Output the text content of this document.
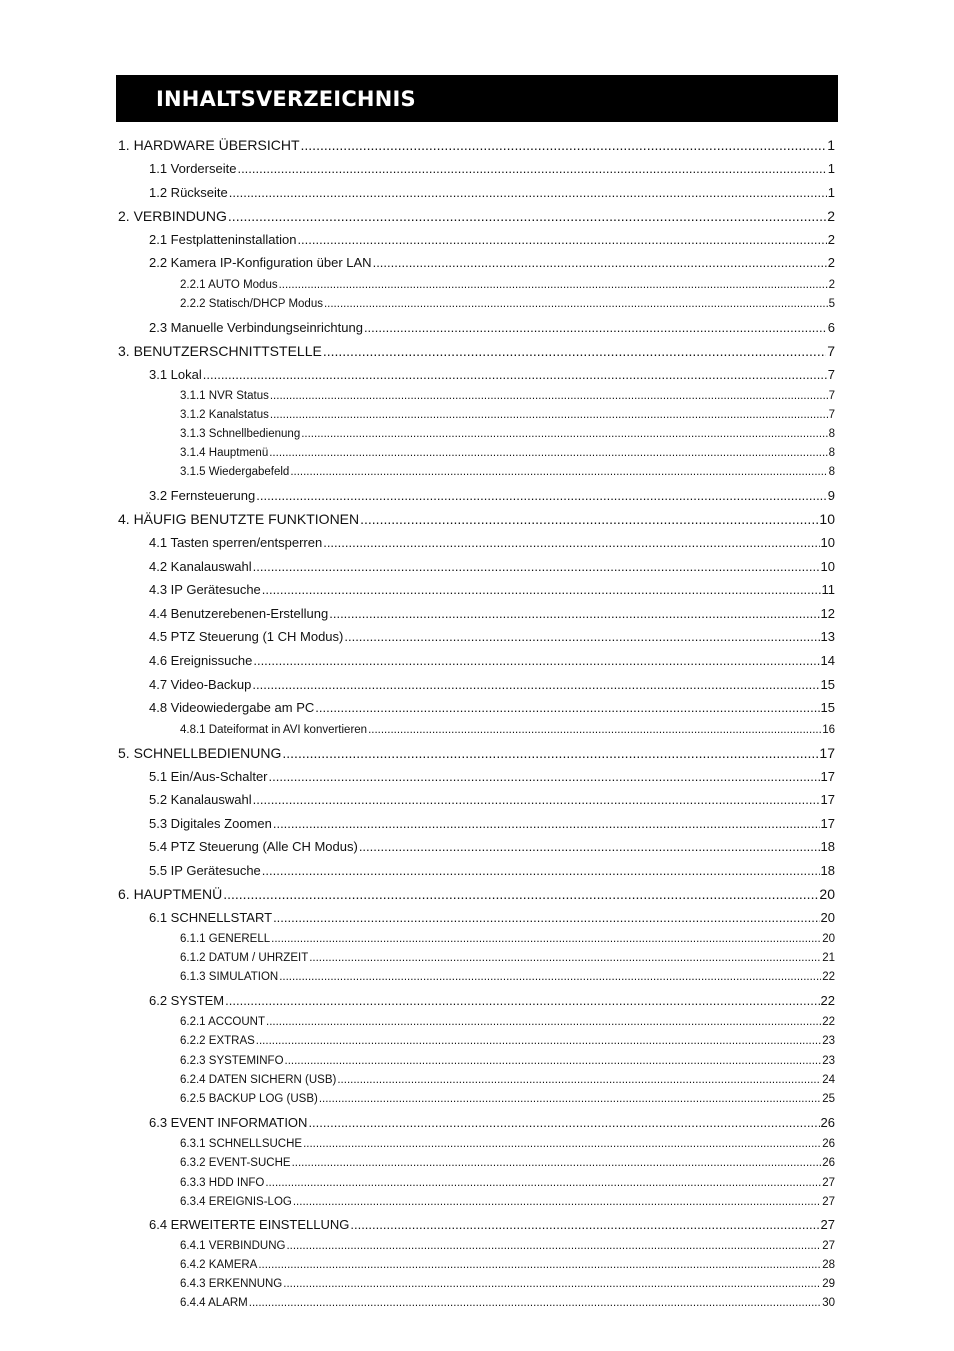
INHALTSVERZEICHNIS
1. HARDWARE ÜBERSICHT .....	1
1.1 Vorderseite .....	1
1.2 Rückseite .....	1
2. VERBINDUNG .....	2
2.1 Festplatteninstallation .....	2
2.2 Kamera IP-Konfiguration über LAN .....	2
2.2.1 AUTO Modus .....	2
2.2.2 Statisch/DHCP Modus .....	5
2.3 Manuelle Verbindungseinrichtung .....	6
3. BENUTZERSCHNITTSTELLE .....	7
3.1 Lokal .....	7
3.1.1 NVR Status .....	7
3.1.2 Kanalstatus .....	7
3.1.3 Schnellbedienung .....	8
3.1.4 Hauptmenü .....	8
3.1.5 Wiedergabefeld .....	8
3.2 Fernsteuerung .....	9
4. HÄUFIG BENUTZTE FUNKTIONEN .....	10
4.1 Tasten sperren/entsperren .....	10
4.2 Kanalauswahl .....	10
4.3 IP Gerätesuche .....	11
4.4 Benutzerebenen-Erstellung .....	12
4.5 PTZ Steuerung (1 CH Modus) .....	13
4.6 Ereignissuche .....	14
4.7 Video-Backup .....	15
4.8 Videowiedergabe am PC .....	15
4.8.1 Dateiformat in AVI konvertieren .....	16
5. SCHNELLBEDIENUNG .....	17
5.1 Ein/Aus-Schalter .....	17
5.2 Kanalauswahl .....	17
5.3 Digitales Zoomen .....	17
5.4 PTZ Steuerung (Alle CH Modus) .....	18
5.5 IP Gerätesuche .....	18
6. HAUPTMENÜ .....	20
6.1 SCHNELLSTART .....	20
6.1.1 GENERELL .....	20
6.1.2 DATUM / UHRZEIT .....	21
6.1.3 SIMULATION .....	22
6.2 SYSTEM .....	22
6.2.1 ACCOUNT .....	22
6.2.2 EXTRAS .....	23
6.2.3 SYSTEMINFO .....	23
6.2.4 DATEN SICHERN (USB) .....	24
6.2.5 BACKUP LOG (USB) .....	25
6.3 EVENT INFORMATION .....	26
6.3.1 SCHNELLSUCHE .....	26
6.3.2 EVENT-SUCHE .....	26
6.3.3 HDD INFO .....	27
6.3.4 EREIGNIS-LOG .....	27
6.4 ERWEITERTE EINSTELLUNG .....	27
6.4.1 VERBINDUNG .....	27
6.4.2 KAMERA .....	28
6.4.3 ERKENNUNG .....	29
6.4.4 ALARM .....	30
